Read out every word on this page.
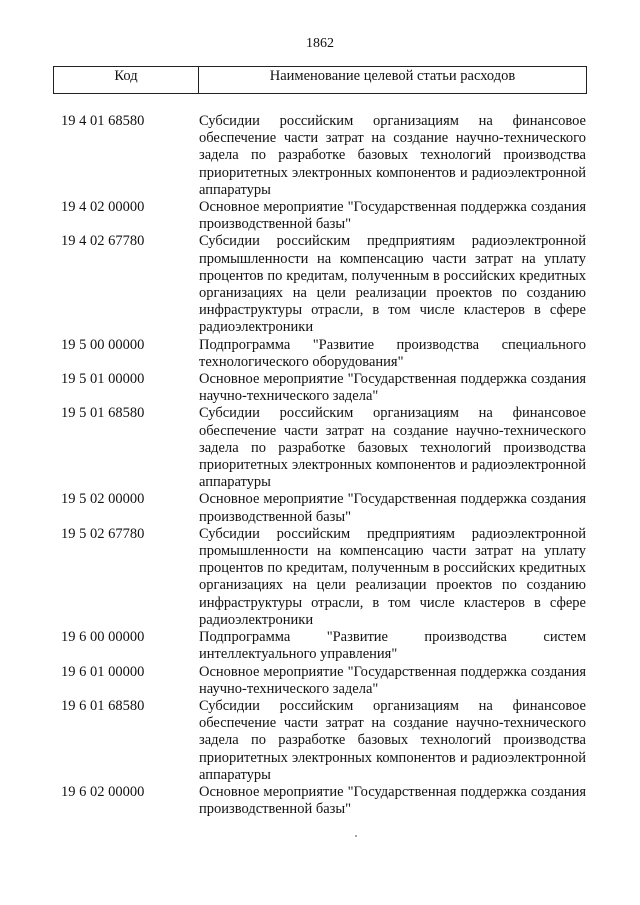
1862
Код	Наименование целевой статьи расходов
19 4 01 68580	Субсидии российским организациям на финансовое обеспечение части затрат на создание научно-технического задела по разработке базовых технологий производства приоритетных электронных компонентов и радиоэлектронной аппаратуры
19 4 02 00000	Основное мероприятие "Государственная поддержка создания производственной базы"
19 4 02 67780	Субсидии российским предприятиям радиоэлектронной промышленности на компенсацию части затрат на уплату процентов по кредитам, полученным в российских кредитных организациях на цели реализации проектов по созданию инфраструктуры отрасли, в том числе кластеров в сфере радиоэлектроники
19 5 00 00000	Подпрограмма "Развитие производства специального технологического оборудования"
19 5 01 00000	Основное мероприятие "Государственная поддержка создания научно-технического задела"
19 5 01 68580	Субсидии российским организациям на финансовое обеспечение части затрат на создание научно-технического задела по разработке базовых технологий производства приоритетных электронных компонентов и радиоэлектронной аппаратуры
19 5 02 00000	Основное мероприятие "Государственная поддержка создания производственной базы"
19 5 02 67780	Субсидии российским предприятиям радиоэлектронной промышленности на компенсацию части затрат на уплату процентов по кредитам, полученным в российских кредитных организациях на цели реализации проектов по созданию инфраструктуры отрасли, в том числе кластеров в сфере радиоэлектроники
19 6 00 00000	Подпрограмма "Развитие производства систем интеллектуального управления"
19 6 01 00000	Основное мероприятие "Государственная поддержка создания научно-технического задела"
19 6 01 68580	Субсидии российским организациям на финансовое обеспечение части затрат на создание научно-технического задела по разработке базовых технологий производства приоритетных электронных компонентов и радиоэлектронной аппаратуры
19 6 02 00000	Основное мероприятие "Государственная поддержка создания производственной базы"
